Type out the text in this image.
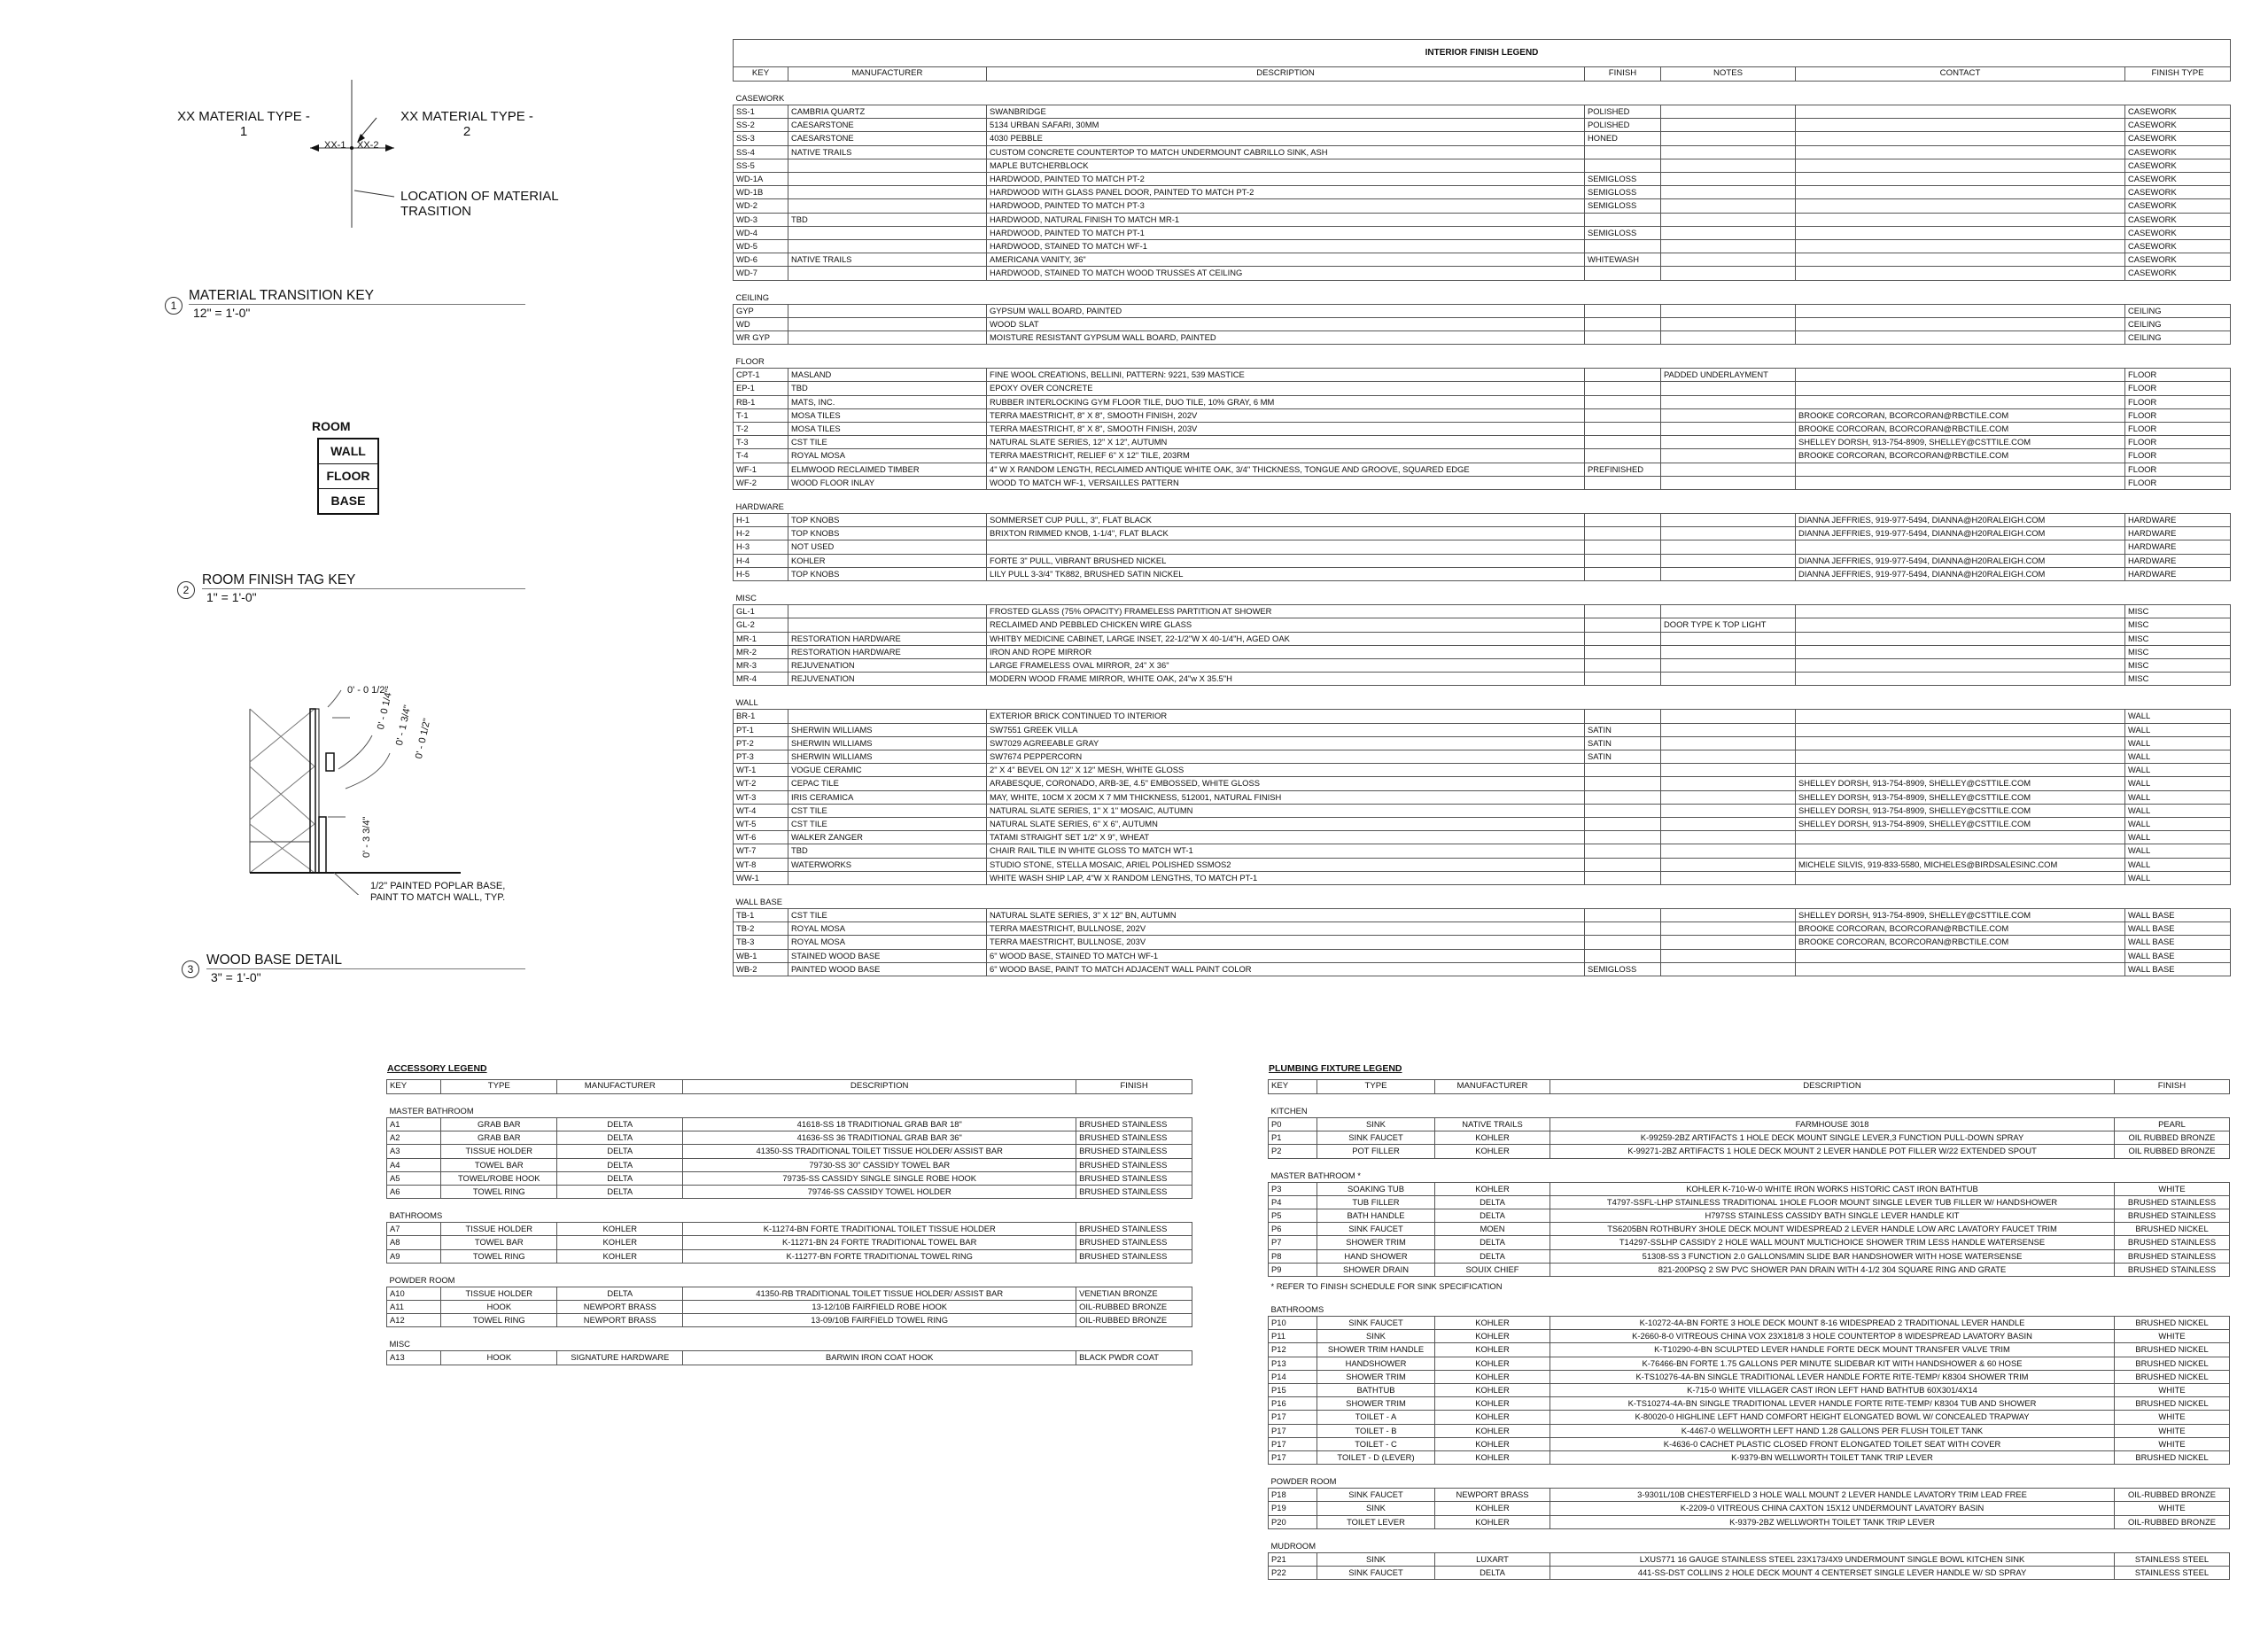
XX MATERIAL TYPE -
1
XX MATERIAL TYPE -
2
XX-1 XX-2
LOCATION OF MATERIAL
TRASITION
1
MATERIAL TRANSITION KEY
12" = 1'-0"
ROOM
WALL
FLOOR
BASE
2
ROOM FINISH TAG KEY
1" = 1'-0"
0' - 0 1/2"
0' - 0 1/4" 0' - 1 3/4" 0' - 0 1/2"
0' - 3 3/4"
1/2" PAINTED POPLAR BASE,
PAINT TO MATCH WALL, TYP.
3
WOOD BASE DETAIL
3" = 1'-0"
INTERIOR FINISH LEGEND						
KEY	MANUFACTURER	DESCRIPTION	FINISH	NOTES	CONTACT	FINISH TYPE

CASEWORK						
SS-1	CAMBRIA QUARTZ	SWANBRIDGE	POLISHED			CASEWORK
SS-2	CAESARSTONE	5134 URBAN SAFARI, 30MM	POLISHED			CASEWORK
SS-3	CAESARSTONE	4030 PEBBLE	HONED			CASEWORK
SS-4	NATIVE TRAILS	CUSTOM CONCRETE COUNTERTOP TO MATCH UNDERMOUNT CABRILLO SINK, ASH				CASEWORK
SS-5		MAPLE BUTCHERBLOCK				CASEWORK
WD-1A		HARDWOOD, PAINTED TO MATCH PT-2	SEMIGLOSS			CASEWORK
WD-1B		HARDWOOD WITH GLASS PANEL DOOR, PAINTED TO MATCH PT-2	SEMIGLOSS			CASEWORK
WD-2		HARDWOOD, PAINTED TO MATCH PT-3	SEMIGLOSS			CASEWORK
WD-3	TBD	HARDWOOD, NATURAL FINISH TO MATCH MR-1				CASEWORK
WD-4		HARDWOOD, PAINTED TO MATCH PT-1	SEMIGLOSS			CASEWORK
WD-5		HARDWOOD, STAINED TO MATCH WF-1				CASEWORK
WD-6	NATIVE TRAILS	AMERICANA VANITY, 36"	WHITEWASH			CASEWORK
WD-7		HARDWOOD, STAINED TO MATCH WOOD TRUSSES AT CEILING				CASEWORK

CEILING						
GYP		GYPSUM WALL BOARD, PAINTED				CEILING
WD		WOOD SLAT				CEILING
WR GYP		MOISTURE RESISTANT GYPSUM WALL BOARD, PAINTED				CEILING

FLOOR						
CPT-1	MASLAND	FINE WOOL CREATIONS, BELLINI, PATTERN: 9221, 539 MASTICE		PADDED UNDERLAYMENT		FLOOR
EP-1	TBD	EPOXY OVER CONCRETE				FLOOR
RB-1	MATS, INC.	RUBBER INTERLOCKING GYM FLOOR TILE, DUO TILE, 10% GRAY, 6 MM				FLOOR
T-1	MOSA TILES	TERRA MAESTRICHT, 8" X 8", SMOOTH FINISH, 202V			BROOKE CORCORAN, BCORCORAN@RBCTILE.COM	FLOOR
T-2	MOSA TILES	TERRA MAESTRICHT, 8" X 8", SMOOTH FINISH, 203V			BROOKE CORCORAN, BCORCORAN@RBCTILE.COM	FLOOR
T-3	CST TILE	NATURAL SLATE SERIES, 12" X 12", AUTUMN			SHELLEY DORSH, 913-754-8909, SHELLEY@CSTTILE.COM	FLOOR
T-4	ROYAL MOSA	TERRA MAESTRICHT, RELIEF 6" X 12" TILE, 203RM			BROOKE CORCORAN, BCORCORAN@RBCTILE.COM	FLOOR
WF-1	ELMWOOD RECLAIMED TIMBER	4" W X RANDOM LENGTH, RECLAIMED ANTIQUE WHITE OAK, 3/4" THICKNESS, TONGUE AND GROOVE, SQUARED EDGE	PREFINISHED			FLOOR
WF-2	WOOD FLOOR INLAY	WOOD TO MATCH WF-1, VERSAILLES PATTERN				FLOOR

HARDWARE						
H-1	TOP KNOBS	SOMMERSET CUP PULL, 3", FLAT BLACK			DIANNA JEFFRIES, 919-977-5494, DIANNA@H20RALEIGH.COM	HARDWARE
H-2	TOP KNOBS	BRIXTON RIMMED KNOB, 1-1/4", FLAT BLACK			DIANNA JEFFRIES, 919-977-5494, DIANNA@H20RALEIGH.COM	HARDWARE
H-3	NOT USED					HARDWARE
H-4	KOHLER	FORTE 3" PULL, VIBRANT BRUSHED NICKEL			DIANNA JEFFRIES, 919-977-5494, DIANNA@H20RALEIGH.COM	HARDWARE
H-5	TOP KNOBS	LILY PULL 3-3/4" TK882, BRUSHED SATIN NICKEL			DIANNA JEFFRIES, 919-977-5494, DIANNA@H20RALEIGH.COM	HARDWARE

MISC						
GL-1		FROSTED GLASS (75% OPACITY) FRAMELESS PARTITION AT SHOWER				MISC
GL-2		RECLAIMED AND PEBBLED CHICKEN WIRE GLASS		DOOR TYPE K TOP LIGHT		MISC
MR-1	RESTORATION HARDWARE	WHITBY MEDICINE CABINET, LARGE INSET, 22-1/2"W X 40-1/4"H, AGED OAK				MISC
MR-2	RESTORATION HARDWARE	IRON AND ROPE MIRROR				MISC
MR-3	REJUVENATION	LARGE FRAMELESS OVAL MIRROR, 24" X 36"				MISC
MR-4	REJUVENATION	MODERN WOOD FRAME MIRROR, WHITE OAK, 24"w X 35.5"H				MISC

WALL						
BR-1		EXTERIOR BRICK CONTINUED TO INTERIOR				WALL
PT-1	SHERWIN WILLIAMS	SW7551 GREEK VILLA	SATIN			WALL
PT-2	SHERWIN WILLIAMS	SW7029 AGREEABLE GRAY	SATIN			WALL
PT-3	SHERWIN WILLIAMS	SW7674 PEPPERCORN	SATIN			WALL
WT-1	VOGUE CERAMIC	2" X 4" BEVEL ON 12" X 12" MESH, WHITE GLOSS				WALL
WT-2	CEPAC TILE	ARABESQUE, CORONADO, ARB-3E, 4.5" EMBOSSED, WHITE GLOSS			SHELLEY DORSH, 913-754-8909, SHELLEY@CSTTILE.COM	WALL
WT-3	IRIS CERAMICA	MAY, WHITE, 10CM X 20CM X 7 MM THICKNESS, 512001, NATURAL FINISH			SHELLEY DORSH, 913-754-8909, SHELLEY@CSTTILE.COM	WALL
WT-4	CST TILE	NATURAL SLATE SERIES, 1" X 1" MOSAIC, AUTUMN			SHELLEY DORSH, 913-754-8909, SHELLEY@CSTTILE.COM	WALL
WT-5	CST TILE	NATURAL SLATE SERIES, 6" X 6", AUTUMN			SHELLEY DORSH, 913-754-8909, SHELLEY@CSTTILE.COM	WALL
WT-6	WALKER ZANGER	TATAMI STRAIGHT SET 1/2" X 9", WHEAT				WALL
WT-7	TBD	CHAIR RAIL TILE IN WHITE GLOSS TO MATCH WT-1				WALL
WT-8	WATERWORKS	STUDIO STONE, STELLA MOSAIC, ARIEL POLISHED SSMOS2			MICHELE SILVIS, 919-833-5580, MICHELES@BIRDSALESINC.COM	WALL
WW-1		WHITE WASH SHIP LAP, 4"W X RANDOM LENGTHS, TO MATCH PT-1				WALL

WALL BASE						
TB-1	CST TILE	NATURAL SLATE SERIES, 3" X 12" BN, AUTUMN			SHELLEY DORSH, 913-754-8909, SHELLEY@CSTTILE.COM	WALL BASE
TB-2	ROYAL MOSA	TERRA MAESTRICHT, BULLNOSE, 202V			BROOKE CORCORAN, BCORCORAN@RBCTILE.COM	WALL BASE
TB-3	ROYAL MOSA	TERRA MAESTRICHT, BULLNOSE, 203V			BROOKE CORCORAN, BCORCORAN@RBCTILE.COM	WALL BASE
WB-1	STAINED WOOD BASE	6" WOOD BASE, STAINED TO MATCH WF-1				WALL BASE
WB-2	PAINTED WOOD BASE	6" WOOD BASE, PAINT TO MATCH ADJACENT WALL PAINT COLOR	SEMIGLOSS			WALL BASE
ACCESSORY LEGEND
KEY	TYPE	MANUFACTURER	DESCRIPTION	FINISH

MASTER BATHROOM				
A1	GRAB BAR	DELTA	41618-SS 18 TRADITIONAL GRAB BAR 18"	BRUSHED STAINLESS
A2	GRAB BAR	DELTA	41636-SS 36 TRADITIONAL GRAB BAR 36"	BRUSHED STAINLESS
A3	TISSUE HOLDER	DELTA	41350-SS TRADITIONAL TOILET TISSUE HOLDER/ ASSIST BAR	BRUSHED STAINLESS
A4	TOWEL BAR	DELTA	79730-SS 30" CASSIDY TOWEL BAR	BRUSHED STAINLESS
A5	TOWEL/ROBE HOOK	DELTA	79735-SS CASSIDY SINGLE SINGLE ROBE HOOK	BRUSHED STAINLESS
A6	TOWEL RING	DELTA	79746-SS CASSIDY TOWEL HOLDER	BRUSHED STAINLESS

BATHROOMS				
A7	TISSUE HOLDER	KOHLER	K-11274-BN FORTE TRADITIONAL TOILET TISSUE HOLDER	BRUSHED STAINLESS
A8	TOWEL BAR	KOHLER	K-11271-BN 24 FORTE TRADITIONAL TOWEL BAR	BRUSHED STAINLESS
A9	TOWEL RING	KOHLER	K-11277-BN FORTE TRADITIONAL TOWEL RING	BRUSHED STAINLESS

POWDER ROOM				
A10	TISSUE HOLDER	DELTA	41350-RB TRADITIONAL TOILET TISSUE HOLDER/ ASSIST BAR	VENETIAN BRONZE
A11	HOOK	NEWPORT BRASS	13-12/10B FAIRFIELD ROBE HOOK	OIL-RUBBED BRONZE
A12	TOWEL RING	NEWPORT BRASS	13-09/10B FAIRFIELD TOWEL RING	OIL-RUBBED BRONZE

MISC				
A13	HOOK	SIGNATURE HARDWARE	BARWIN IRON COAT HOOK	BLACK PWDR COAT
PLUMBING FIXTURE LEGEND
KEY	TYPE	MANUFACTURER	DESCRIPTION	FINISH

KITCHEN				
P0	SINK	NATIVE TRAILS	FARMHOUSE 3018	PEARL
P1	SINK FAUCET	KOHLER	K-99259-2BZ ARTIFACTS 1 HOLE DECK MOUNT SINGLE LEVER,3 FUNCTION PULL-DOWN SPRAY	OIL RUBBED BRONZE
P2	POT FILLER	KOHLER	K-99271-2BZ ARTIFACTS 1 HOLE DECK MOUNT 2 LEVER HANDLE POT FILLER W/22 EXTENDED SPOUT	OIL RUBBED BRONZE

MASTER BATHROOM *				
P3	SOAKING TUB	KOHLER	KOHLER K-710-W-0 WHITE IRON WORKS HISTORIC CAST IRON BATHTUB	WHITE
P4	TUB FILLER	DELTA	T4797-SSFL-LHP STAINLESS TRADITIONAL 1HOLE FLOOR MOUNT SINGLE LEVER TUB FILLER W/ HANDSHOWER	BRUSHED STAINLESS
P5	BATH HANDLE	DELTA	H797SS STAINLESS CASSIDY BATH SINGLE LEVER HANDLE KIT	BRUSHED STAINLESS
P6	SINK FAUCET	MOEN	TS6205BN ROTHBURY 3HOLE DECK MOUNT WIDESPREAD 2 LEVER HANDLE LOW ARC LAVATORY FAUCET TRIM	BRUSHED NICKEL
P7	SHOWER TRIM	DELTA	T14297-SSLHP CASSIDY 2 HOLE WALL MOUNT MULTICHOICE SHOWER TRIM LESS HANDLE WATERSENSE	BRUSHED STAINLESS
P8	HAND SHOWER	DELTA	51308-SS 3 FUNCTION 2.0 GALLONS/MIN SLIDE BAR HANDSHOWER WITH HOSE WATERSENSE	BRUSHED STAINLESS
P9	SHOWER DRAIN	SOUIX CHIEF	821-200PSQ 2 SW PVC SHOWER PAN DRAIN WITH 4-1/2 304 SQUARE RING AND GRATE	BRUSHED STAINLESS
* REFER TO FINISH SCHEDULE FOR SINK SPECIFICATION				

BATHROOMS				
P10	SINK FAUCET	KOHLER	K-10272-4A-BN FORTE 3 HOLE DECK MOUNT 8-16 WIDESPREAD 2 TRADITIONAL LEVER HANDLE	BRUSHED NICKEL
P11	SINK	KOHLER	K-2660-8-0 VITREOUS CHINA VOX 23X181/8 3 HOLE COUNTERTOP 8 WIDESPREAD LAVATORY BASIN	WHITE
P12	SHOWER TRIM HANDLE	KOHLER	K-T10290-4-BN SCULPTED LEVER HANDLE FORTE DECK MOUNT TRANSFER VALVE TRIM	BRUSHED NICKEL
P13	HANDSHOWER	KOHLER	K-76466-BN FORTE 1.75 GALLONS PER MINUTE SLIDEBAR KIT WITH HANDSHOWER & 60 HOSE	BRUSHED NICKEL
P14	SHOWER TRIM	KOHLER	K-TS10276-4A-BN SINGLE TRADITIONAL LEVER HANDLE FORTE RITE-TEMP/ K8304 SHOWER TRIM	BRUSHED NICKEL
P15	BATHTUB	KOHLER	K-715-0 WHITE VILLAGER CAST IRON LEFT HAND BATHTUB 60X301/4X14	WHITE
P16	SHOWER TRIM	KOHLER	K-TS10274-4A-BN SINGLE TRADITIONAL LEVER HANDLE FORTE RITE-TEMP/ K8304 TUB AND SHOWER	BRUSHED NICKEL
P17	TOILET - A	KOHLER	K-80020-0 HIGHLINE LEFT HAND COMFORT HEIGHT ELONGATED BOWL W/ CONCEALED TRAPWAY	WHITE
P17	TOILET - B	KOHLER	K-4467-0 WELLWORTH LEFT HAND 1.28 GALLONS PER FLUSH TOILET TANK	WHITE
P17	TOILET - C	KOHLER	K-4636-0 CACHET PLASTIC CLOSED FRONT ELONGATED TOILET SEAT WITH COVER	WHITE
P17	TOILET - D (LEVER)	KOHLER	K-9379-BN WELLWORTH TOILET TANK TRIP LEVER	BRUSHED NICKEL

POWDER ROOM				
P18	SINK FAUCET	NEWPORT BRASS	3-9301L/10B CHESTERFIELD 3 HOLE WALL MOUNT 2 LEVER HANDLE LAVATORY TRIM LEAD FREE	OIL-RUBBED BRONZE
P19	SINK	KOHLER	K-2209-0 VITREOUS CHINA CAXTON 15X12 UNDERMOUNT LAVATORY BASIN	WHITE
P20	TOILET LEVER	KOHLER	K-9379-2BZ WELLWORTH TOILET TANK TRIP LEVER	OIL-RUBBED BRONZE

MUDROOM				
P21	SINK	LUXART	LXUS771 16 GAUGE STAINLESS STEEL 23X173/4X9 UNDERMOUNT SINGLE BOWL KITCHEN SINK	STAINLESS STEEL
P22	SINK FAUCET	DELTA	441-SS-DST COLLINS 2 HOLE DECK MOUNT 4 CENTERSET SINGLE LEVER HANDLE W/ SD SPRAY	STAINLESS STEEL
